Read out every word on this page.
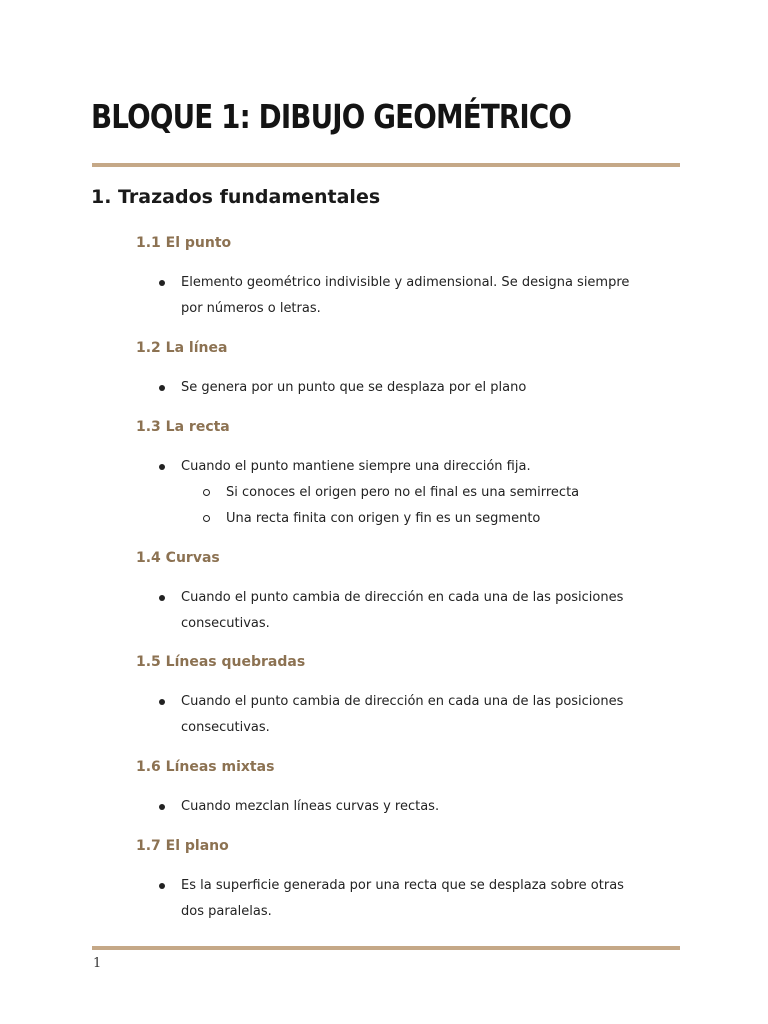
BLOQUE 1: DIBUJO GEOMÉTRICO
1. Trazados fundamentales
1.1 El punto

Elemento geométrico indivisible y adimensional. Se designa siempre por números o letras.

1.2 La línea

Se genera por un punto que se desplaza por el plano

1.3 La recta

Cuando el punto mantiene siempre una dirección fija.

Si conoces el origen pero no el final es una semirrecta

Una recta finita con origen y fin es un segmento

1.4 Curvas

Cuando el punto cambia de dirección en cada una de las posiciones consecutivas.

1.5 Líneas quebradas

Cuando el punto cambia de dirección en cada una de las posiciones consecutivas.

1.6 Líneas mixtas

Cuando mezclan líneas curvas y rectas.

1.7 El plano

Es la superficie generada por una recta que se desplaza sobre otras dos paralelas.

1
